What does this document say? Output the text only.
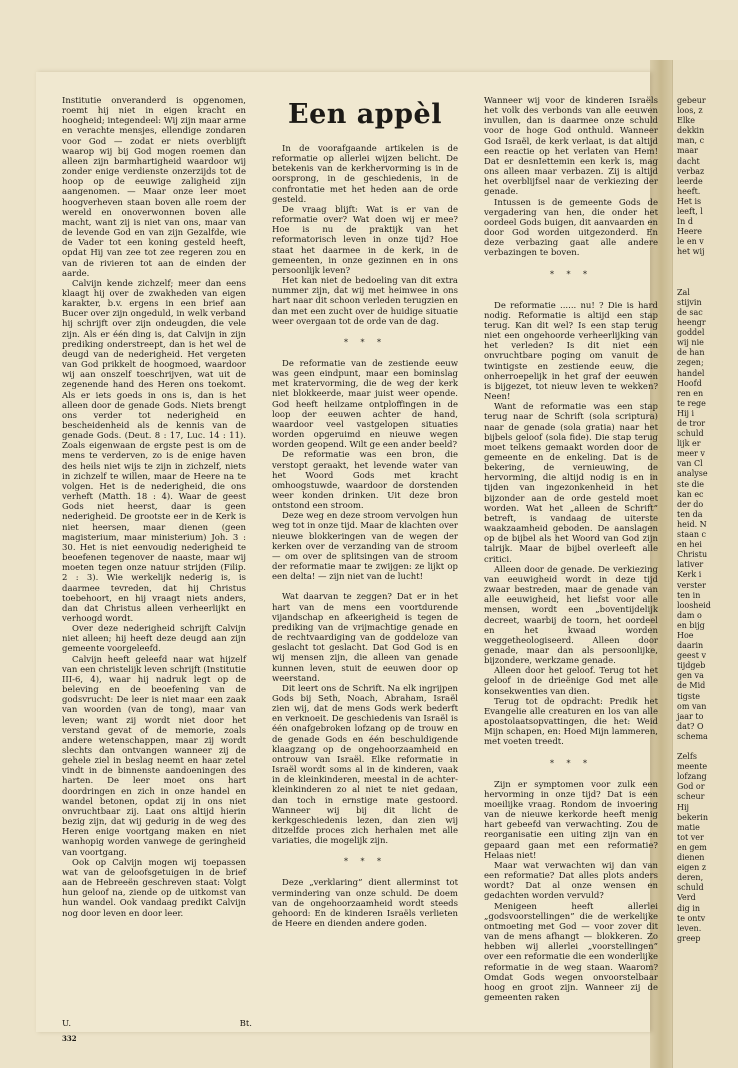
gebeur
loos, z
Elke
dekkin
man, c
maar
dacht
verbaz
leerde
heeft.
Het is
leeft, l
In d
Heere
le en v
het wij

Zal
stijvin
de sac
heengr
goddel
wij nie
de han
zegen;
handel
Hoofd
ren en
te rege
Hij i
de tror
schuld
lijk er
meer v
van Cl
analyse
ste die
kan ec
der do
ten da
heid. N
staan c
en hei
Christu
lativer
Kerk i
verster
ten in
loosheid
dam o
en bijg
Hoe
daarin
geest v
tijdgeb
gen va
de Mid
tigste
om van
jaar to
dat? O
schema

Zelfs
meente
lofzang
God or
scheur
Hij
bekerin
matie
tot ver
en gem
dienen
eigen z
deren,
schuld
Verd
dig in
te ontv
leven.
greep

Institutie onveranderd is opgenomen, roemt hij niet in eigen kracht en hoogheid; integendeel: Wij zijn maar arme en verachte mensjes, ellendige zondaren voor God — zodat er niets overblijft waarop wij bij God mogen roemen dan alleen zijn barmhartigheid waardoor wij zonder enige verdienste onzerzijds tot de hoop op de eeuwige zaligheid zijn aangenomen. — Maar onze leer moet hoogverheven staan boven alle roem der wereld en onoverwonnen boven alle macht, want zij is niet van ons, maar van de levende God en van zijn Gezalfde, wie de Vader tot een koning gesteld heeft, opdat Hij van zee tot zee regeren zou en van de rivieren tot aan de einden der aarde.

Calvijn kende zichzelf; meer dan eens klaagt hij over de zwakheden van eigen karakter, b.v. ergens in een brief aan Bucer over zijn ongeduld, in welk verband hij schrijft over zijn ondeugden, die vele zijn. Als er één ding is, dat Calvijn in zijn prediking onderstreept, dan is het wel de deugd van de nederigheid. Het vergeten van God prikkelt de hoogmoed, waardoor wij aan onszelf toeschrijven, wat uit de zegenende hand des Heren ons toekomt. Als er iets goeds in ons is, dan is het alleen door de genade Gods. Niets brengt ons verder tot nederigheid en bescheidenheid als de kennis van de genade Gods. (Deut. 8 : 17, Luc. 14 : 11). Zoals eigenwaan de ergste pest is om de mens te verderven, zo is de enige haven des heils niet wijs te zijn in zichzelf, niets in zichzelf te willen, maar de Heere na te volgen. Het is de nederigheid, die ons verheft (Matth. 18 : 4). Waar de geest Gods niet heerst, daar is geen nederigheid. De grootste eer in de Kerk is niet heersen, maar dienen (geen magisterium, maar ministerium) Joh. 3 : 30. Het is niet eenvoudig nederigheid te beoefenen tegenover de naaste, maar wij moeten tegen onze natuur strijden (Filip. 2 : 3). Wie werkelijk nederig is, is daarmee tevreden, dat hij Christus toebehoort, en hij vraagt niets anders, dan dat Christus alleen verheerlijkt en verhoogd wordt.

Over deze nederigheid schrijft Calvijn niet alleen; hij heeft deze deugd aan zijn gemeente voorgeleefd.

Calvijn heeft geleefd naar wat hijzelf van een christelijk leven schrijft (Institutie III-6, 4), waar hij nadruk legt op de beleving en de beoefening van de godsvrucht: De leer is niet maar een zaak van woorden (van de tong), maar van leven; want zij wordt niet door het verstand gevat of de memorie, zoals andere wetenschappen, maar zij wordt slechts dan ontvangen wanneer zij de gehele ziel in beslag neemt en haar zetel vindt in de binnenste aandoeningen des harten. De leer moet ons hart doordringen en zich in onze handel en wandel betonen, opdat zij in ons niet onvruchtbaar zij. Laat ons altijd hierin bezig zijn, dat wij gedurig in de weg des Heren enige voortgang maken en niet wanhopig worden vanwege de geringheid van voortgang.

Ook op Calvijn mogen wij toepassen wat van de geloofsgetuigen in de brief aan de Hebreeën geschreven staat: Volgt hun geloof na, ziende op de uitkomst van hun wandel. Ook vandaag predikt Calvijn nog door leven en door leer.

Een appèl

In de voorafgaande artikelen is de reformatie op allerlei wijzen belicht. De betekenis van de kerkhervorming is in de oorsprong, in de geschiedenis, in de confrontatie met het heden aan de orde gesteld.

De vraag blijft: Wat is er van de reformatie over? Wat doen wij er mee? Hoe is nu de praktijk van het reformatorisch leven in onze tijd? Hoe staat het daarmee in de kerk, in de gemeenten, in onze gezinnen en in ons persoonlijk leven?

Het kan niet de bedoeling van dit extra nummer zijn, dat wij met heimwee in ons hart naar dit schoon verleden terugzien en dan met een zucht over de huidige situatie weer overgaan tot de orde van de dag.

* * *

De reformatie van de zestiende eeuw was geen eindpunt, maar een bominslag met kratervorming, die de weg der kerk niet blokkeerde, maar juist weer opende. God heeft heilzame ontploffingen in de loop der eeuwen achter de hand, waardoor veel vastgelopen situaties worden opgeruimd en nieuwe wegen worden geopend. Wilt ge een ander beeld?

De reformatie was een bron, die verstopt geraakt, het levende water van het Woord Gods met kracht omhoogstuwde, waardoor de dorstenden weer konden drinken. Uit deze bron ontstond een stroom.

Deze weg en deze stroom vervolgen hun weg tot in onze tijd. Maar de klachten over nieuwe blokkeringen van de wegen der kerken over de verzanding van de stroom — om over de splitsingen van de stroom der reformatie maar te zwijgen: ze lijkt op een delta! — zijn niet van de lucht!

Wat daarvan te zeggen? Dat er in het hart van de mens een voortdurende vijandschap en afkeerigheid is tegen de prediking van de vrijmachtige genade en de rechtvaardiging van de goddeloze van geslacht tot geslacht. Dat God God is en wij mensen zijn, die alleen van genade kunnen leven, stuit de eeuwen door op weerstand.

Dit leert ons de Schrift. Na elk ingrijpen Gods bij Seth, Noach, Abraham, Israël zien wij, dat de mens Gods werk bederft en verknoeit. De geschiedenis van Israël is één onafgebroken lofzang op de trouw en de genade Gods en één beschuldigende klaagzang op de ongehoorzaamheid en ontrouw van Israël. Elke reformatie in Israël wordt soms al in de kinderen, vaak in de kleinkinderen, meestal in de achter-kleinkinderen zo al niet te niet gedaan, dan toch in ernstige mate gestoord. Wanneer wij bij dit licht de kerkgeschiedenis lezen, dan zien wij ditzelfde proces zich herhalen met alle variaties, die mogelijk zijn.

* * *

Deze „verklaring” dient allerminst tot vermindering van onze schuld. De doem van de ongehoorzaamheid wordt steeds gehoord: En de kinderen Israëls verlieten de Heere en dienden andere goden.

Wanneer wij voor de kinderen Israëls het volk des verbonds van alle eeuwen invullen, dan is daarmee onze schuld voor de hoge God onthuld. Wanneer God Israël, de kerk verlaat, is dat altijd een reactie op het verlaten van Hem! Dat er desnIettemin een kerk is, mag ons alleen maar verbazen. Zij is altijd het overblijfsel naar de verkiezing der genade.

Intussen is de gemeente Gods de vergadering van hen, die onder het oordeel Gods buigen, dit aanvaarden en door God worden uitgezonderd. En deze verbazing gaat alle andere verbazingen te boven.

* * *

De reformatie ...... nu! ? Die is hard nodig. Reformatie is altijd een stap terug. Kan dit wel? Is een stap terug niet een ongehoorde verheerlijking van het verleden? Is dit niet een onvruchtbare poging om vanuit de twintigste en zestiende eeuw, die onherroepelijk in het graf der eeuwen is bijgezet, tot nieuw leven te wekken? Neen!

Want de reformatie was een stap terug naar de Schrift (sola scriptura) naar de genade (sola gratia) naar het bijbels geloof (sola fide). Die stap terug moet telkens gemaakt worden door de gemeente en de enkeling. Dat is de bekering, de vernieuwing, de hervorming, die altijd nodig is en in tijden van ingezonkenheid in het bijzonder aan de orde gesteld moet worden. Wat het „alleen de Schrift” betreft, is vandaag de uiterste waakzaamheid geboden. De aanslagen op de bijbel als het Woord van God zijn talrijk. Maar de bijbel overleeft alle critici.

Alleen door de genade. De verkiezing van eeuwigheid wordt in deze tijd zwaar bestreden, maar de genade van alle eeuwigheid, het liefst voor alle mensen, wordt een „boventijdelijk decreet, waarbij de toorn, het oordeel en het kwaad worden weggetheologiseerd. Alleen door genade, maar dan als persoonlijke, bijzondere, werkzame genade.

Alleen door het geloof. Terug tot het geloof in de drieënige God met alle konsekwenties van dien.

Terug tot de opdracht: Predik het Evangelie alle creaturen en los van alle apostolaatsopvattingen, die het: Weid Mijn schapen, en: Hoed Mijn lammeren, met voeten treedt.

* * *

Zijn er symptomen voor zulk een hervorming in onze tijd? Dat is een moeilijke vraag. Rondom de invoering van de nieuwe kerkorde heeft menig hart gebeefd van verwachting. Zou de reorganisatie een uiting zijn van en gepaard gaan met een reformatie? Helaas niet!

Maar wat verwachten wij dan van een reformatie? Dat alles plots anders wordt? Dat al onze wensen en gedachten worden vervuld?

Menigeen heeft allerlei „godsvoorstellingen” die de werkelijke ontmoeting met God — voor zover dit van de mens afhangt — blokkeren. Zo hebben wij allerlei „voorstellingen” over een reformatie die een wonderlijke reformatie in de weg staan. Waarom? Omdat Gods wegen onvoorstelbaar hoog en groot zijn. Wanneer zij de gemeenten raken

U.	Bt.
332
